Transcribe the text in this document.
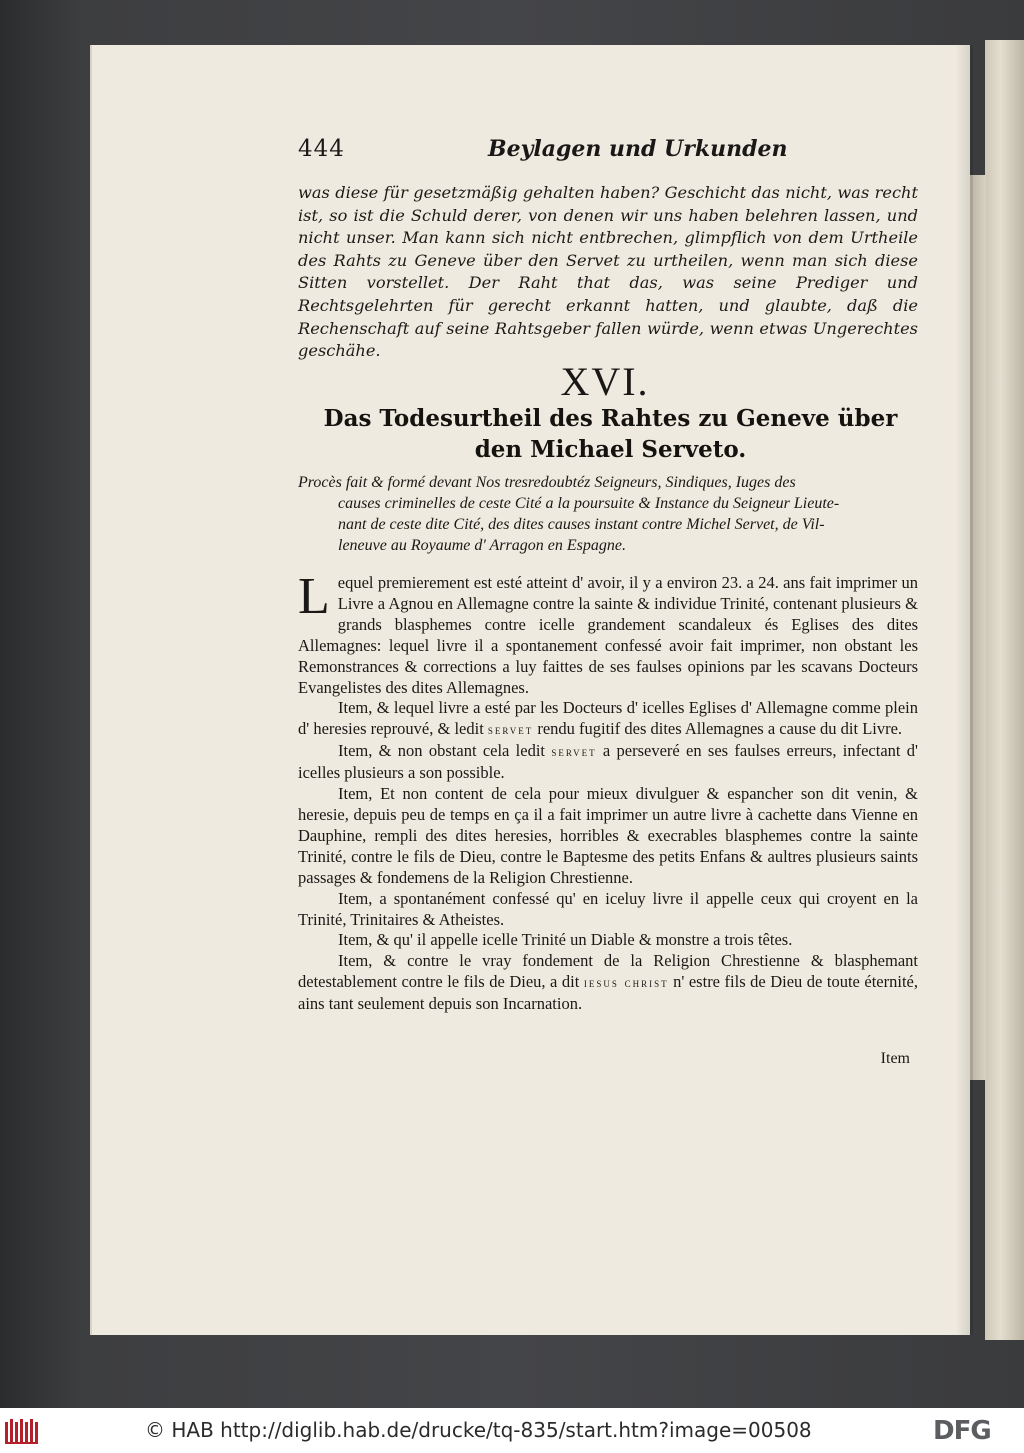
444	Beylagen und Urkunden
was diese für gesetzmäßig gehalten haben? Geschicht das nicht, was recht ist, so ist die Schuld derer, von denen wir uns haben belehren lassen, und nicht unser. Man kann sich nicht entbrechen, glimpflich von dem Urtheile des Rahts zu Geneve über den Servet zu urtheilen, wenn man sich diese Sitten vorstellet. Der Raht that das, was seine Prediger und Rechtsgelehrten für gerecht erkannt hatten, und glaubte, daß die Rechenschaft auf seine Rahtsgeber fallen würde, wenn etwas Ungerechtes geschähe.
XVI.
Das Todesurtheil des Rahtes zu Geneve über den Michael Serveto.
Procès fait & formé devant Nos tresredoubtéz Seigneurs, Sindiques, Iuges des
causes criminelles de ceste Cité a la poursuite & Instance du Seigneur Lieute-
nant de ceste dite Cité, des dites causes instant contre Michel Servet, de Vil-
leneuve au Royaume d' Arragon en Espagne.

Lequel premierement est esté atteint d' avoir, il y a environ 23. a 24. ans fait imprimer un Livre a Agnou en Allemagne contre la sainte & individue Trinité, contenant plusieurs & grands blasphemes contre icelle grandement scandaleux és Eglises des dites Allemagnes: lequel livre il a spontanement confessé avoir fait imprimer, non obstant les Remonstrances & corrections a luy faittes de ses faulses opinions par les scavans Docteurs Evangelistes des dites Allemagnes.

Item, & lequel livre a esté par les Docteurs d' icelles Eglises d' Allemagne comme plein d' heresies reprouvé, & ledit servet rendu fugitif des dites Allemagnes a cause du dit Livre.

Item, & non obstant cela ledit servet a perseveré en ses faulses erreurs, infectant d' icelles plusieurs a son possible.

Item, Et non content de cela pour mieux divulguer & espancher son dit venin, & heresie, depuis peu de temps en ça il a fait imprimer un autre livre à cachette dans Vienne en Dauphine, rempli des dites heresies, horribles & execrables blasphemes contre la sainte Trinité, contre le fils de Dieu, contre le Baptesme des petits Enfans & aultres plusieurs saints passages & fondemens de la Religion Chrestienne.

Item, a spontanément confessé qu' en iceluy livre il appelle ceux qui croyent en la Trinité, Trinitaires & Atheistes.

Item, & qu' il appelle icelle Trinité un Diable & monstre a trois têtes.

Item, & contre le vray fondement de la Religion Chrestienne & blasphemant detestablement contre le fils de Dieu, a dit iesus christ n' estre fils de Dieu de toute éternité, ains tant seulement depuis son Incarnation.

Item
© HAB http://diglib.hab.de/drucke/tq-835/start.htm?image=00508	DFG
